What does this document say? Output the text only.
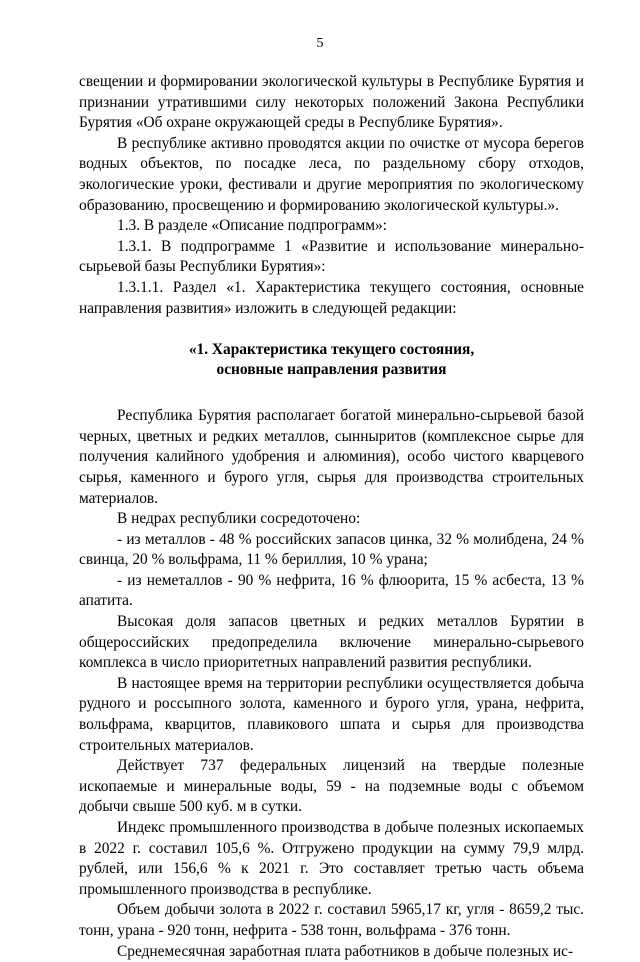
5

свещении и формировании экологической культуры в Республике Бурятия и признании утратившими силу некоторых положений Закона Республики Бурятия «Об охране окружающей среды в Республике Бурятия».

В республике активно проводятся акции по очистке от мусора берегов водных объектов, по посадке леса, по раздельному сбору отходов, экологические уроки, фестивали и другие мероприятия по экологическому образованию, просвещению и формированию экологической культуры.».

1.3. В разделе «Описание подпрограмм»:

1.3.1. В подпрограмме 1 «Развитие и использование минерально-сырьевой базы Республики Бурятия»:

1.3.1.1. Раздел «1. Характеристика текущего состояния, основные направления развития» изложить в следующей редакции:

«1. Характеристика текущего состояния,
основные направления развития

Республика Бурятия располагает богатой минерально-сырьевой базой черных, цветных и редких металлов, сынныритов (комплексное сырье для получения калийного удобрения и алюминия), особо чистого кварцевого сырья, каменного и бурого угля, сырья для производства строительных материалов.

В недрах республики сосредоточено:

- из металлов - 48 % российских запасов цинка, 32 % молибдена, 24 % свинца, 20 % вольфрама, 11 % бериллия, 10 % урана;

- из неметаллов - 90 % нефрита, 16 % флюорита, 15 % асбеста, 13 % апатита.

Высокая доля запасов цветных и редких металлов Бурятии в общероссийских предопределила включение минерально-сырьевого комплекса в число приоритетных направлений развития республики.

В настоящее время на территории республики осуществляется добыча рудного и россыпного золота, каменного и бурого угля, урана, нефрита, вольфрама, кварцитов, плавикового шпата и сырья для производства строительных материалов.

Действует 737 федеральных лицензий на твердые полезные ископаемые и минеральные воды, 59 - на подземные воды с объемом добычи свыше 500 куб. м в сутки.

Индекс промышленного производства в добыче полезных ископаемых в 2022 г. составил 105,6 %. Отгружено продукции на сумму 79,9 млрд. рублей, или 156,6 % к 2021 г. Это составляет третью часть объема промышленного производства в республике.

Объем добычи золота в 2022 г. составил 5965,17 кг, угля - 8659,2 тыс. тонн, урана - 920 тонн, нефрита - 538 тонн, вольфрама - 376 тонн.

Среднемесячная заработная плата работников в добыче полезных ис-
